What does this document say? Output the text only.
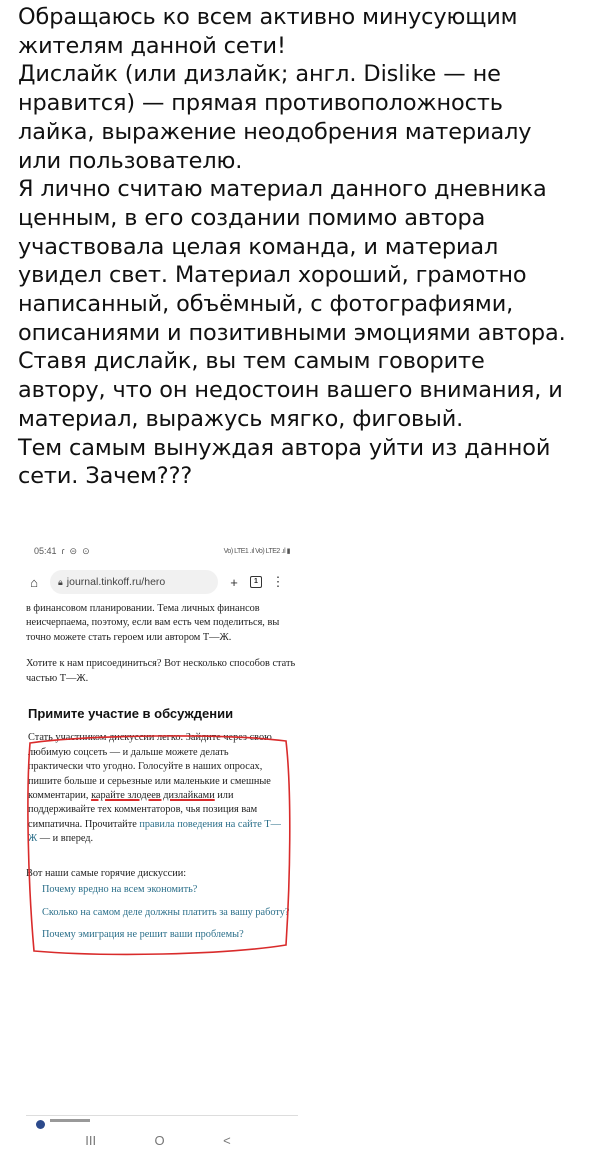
Обращаюсь ко всем активно минусующим

жителям данной сети!

Дислайк (или дизлайк; англ. Dislike — не

нравится) — прямая противоположность

лайка, выражение неодобрения материалу

или пользователю.

Я лично считаю материал данного дневника

ценным, в его создании помимо автора

участвовала целая команда, и материал

увидел свет. Материал хороший, грамотно

написанный, объёмный, с фотографиями,

описаниями и позитивными эмоциями автора.

Ставя дислайк, вы тем самым говорите

автору, что он недостоин вашего внимания, и

материал, выражусь мягко, фиговый.

Тем самым вынуждая автора уйти из данной

сети. Зачем???

05:41 ɾ ⊝ ⊙	Vo) LTE1 .ıl Vo) LTE2 .ıl ▮
⌂	🔒︎ journal.tinkoff.ru/hero	+	1	⋮

в финансовом планировании. Тема личных финансов неисчерпаема, поэтому, если вам есть чем поделиться, вы точно можете стать героем или автором Т—Ж.

Хотите к нам присоединиться? Вот несколько способов стать частью Т—Ж.

Примите участие в обсуждении
Стать участником дискуссии легко. Зайдите через свою любимую соцсеть — и дальше можете делать практически что угодно. Голосуйте в наших опросах, пишите больше и серьезные или маленькие и смешные комментарии, карайте злодеев дизлайками или поддерживайте тех комментаторов, чья позиция вам симпатична. Прочитайте правила поведения на сайте Т—Ж — и вперед.
Вот наши самые горячие дискуссии:
Почему вредно на всем экономить?
Сколько на самом деле должны платить за вашу работу?
Почему эмиграция не решит ваши проблемы?
III	O	<
